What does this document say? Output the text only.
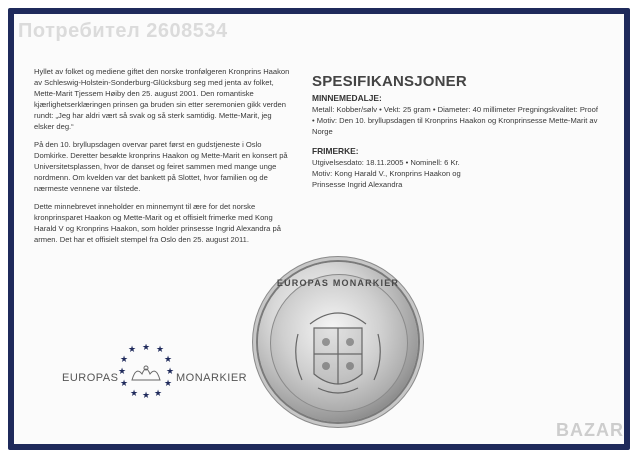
Потребител 2608534

Hyllet av folket og mediene giftet den norske tronfølgeren Kronprins Haakon av Schleswig-Holstein-Sonderburg-Glücksburg seg med jenta av folket, Mette-Marit Tjessem Høiby den 25. august 2001. Den romantiske kjærlighetserklæringen prinsen ga bruden sin etter seremonien gikk verden rundt: „Jeg har aldri vært så svak og så sterk samtidig. Mette-Marit, jeg elsker deg.“

På den 10. bryllupsdagen overvar paret først en gudstjeneste i Oslo Domkirke. Deretter besøkte kronprins Haakon og Mette-Marit en konsert på Universitetsplassen, hvor de danset og feiret sammen med mange unge nordmenn. Om kvelden var det bankett på Slottet, hvor familien og de nærmeste vennene var tilstede.

Dette minnebrevet inneholder en minnemynt til ære for det norske kronprinsparet Haakon og Mette-Marit og et offisielt frimerke med Kong Harald V og Kronprins Haakon, som holder prinsesse Ingrid Alexandra på armen. Det har et offisielt stempel fra Oslo den 25. august 2011.

SPESIFIKANSJONER
MINNEMEDALJE:
Metall: Kobber/sølv • Vekt: 25 gram • Diameter: 40 millimeter Pregningskvalitet: Proof • Motiv: Den 10. bryllupsdagen til Kronprins Haakon og Kronprinsesse Mette-Marit av Norge
FRIMERKE:
Utgivelsesdato: 18.11.2005 • Nominell: 6 Kr.
Motiv: Kong Harald V., Kronprins Haakon og
Prinsesse Ingrid Alexandra
★ ★ ★
★	★
★	★
★	★
★ ★ ★
EUROPAS	MONARKIER
EUROPAS MONARKIER
BAZAR
